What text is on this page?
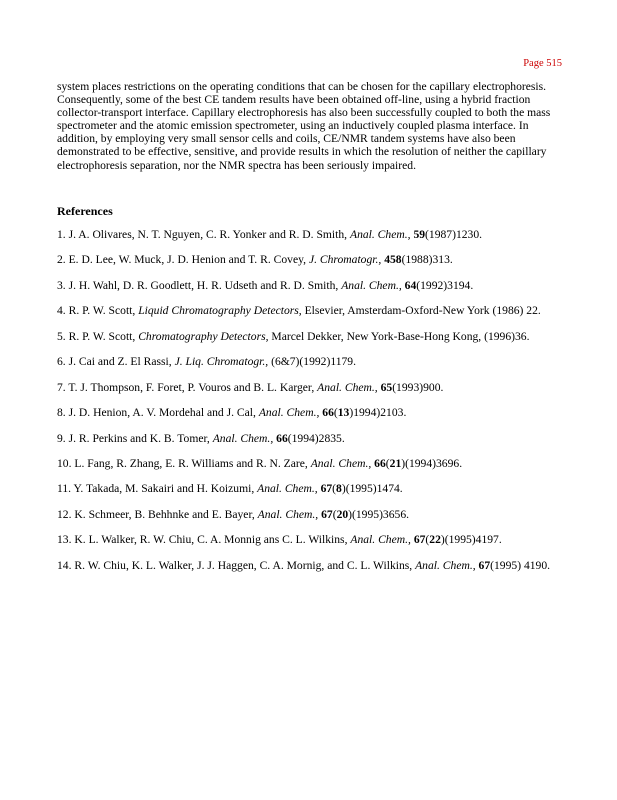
Page 515

system places restrictions on the operating conditions that can be chosen for the capillary electrophoresis. Consequently, some of the best CE tandem results have been obtained off-line, using a hybrid fraction collector-transport interface. Capillary electrophoresis has also been successfully coupled to both the mass spectrometer and the atomic emission spectrometer, using an inductively coupled plasma interface. In addition, by employing very small sensor cells and coils, CE/NMR tandem systems have also been demonstrated to be effective, sensitive, and provide results in which the resolution of neither the capillary electrophoresis separation, nor the NMR spectra has been seriously impaired.

References
1. J. A. Olivares, N. T. Nguyen, C. R. Yonker and R. D. Smith, Anal. Chem., 59(1987)1230.
2. E. D. Lee, W. Muck, J. D. Henion and T. R. Covey, J. Chromatogr., 458(1988)313.
3. J. H. Wahl, D. R. Goodlett, H. R. Udseth and R. D. Smith, Anal. Chem., 64(1992)3194.
4. R. P. W. Scott, Liquid Chromatography Detectors, Elsevier, Amsterdam-Oxford-New York (1986) 22.
5. R. P. W. Scott, Chromatography Detectors, Marcel Dekker, New York-Base-Hong Kong, (1996)36.
6. J. Cai and Z. El Rassi, J. Liq. Chromatogr., (6&7)(1992)1179.
7. T. J. Thompson, F. Foret, P. Vouros and B. L. Karger, Anal. Chem., 65(1993)900.
8. J. D. Henion, A. V. Mordehal and J. Cal, Anal. Chem., 66(13)1994)2103.
9. J. R. Perkins and K. B. Tomer, Anal. Chem., 66(1994)2835.
10. L. Fang, R. Zhang, E. R. Williams and R. N. Zare, Anal. Chem., 66(21)(1994)3696.
11. Y. Takada, M. Sakairi and H. Koizumi, Anal. Chem., 67(8)(1995)1474.
12. K. Schmeer, B. Behhnke and E. Bayer, Anal. Chem., 67(20)(1995)3656.
13. K. L. Walker, R. W. Chiu, C. A. Monnig ans C. L. Wilkins, Anal. Chem., 67(22)(1995)4197.
14. R. W. Chiu, K. L. Walker, J. J. Haggen, C. A. Mornig, and C. L. Wilkins, Anal. Chem., 67(1995) 4190.
